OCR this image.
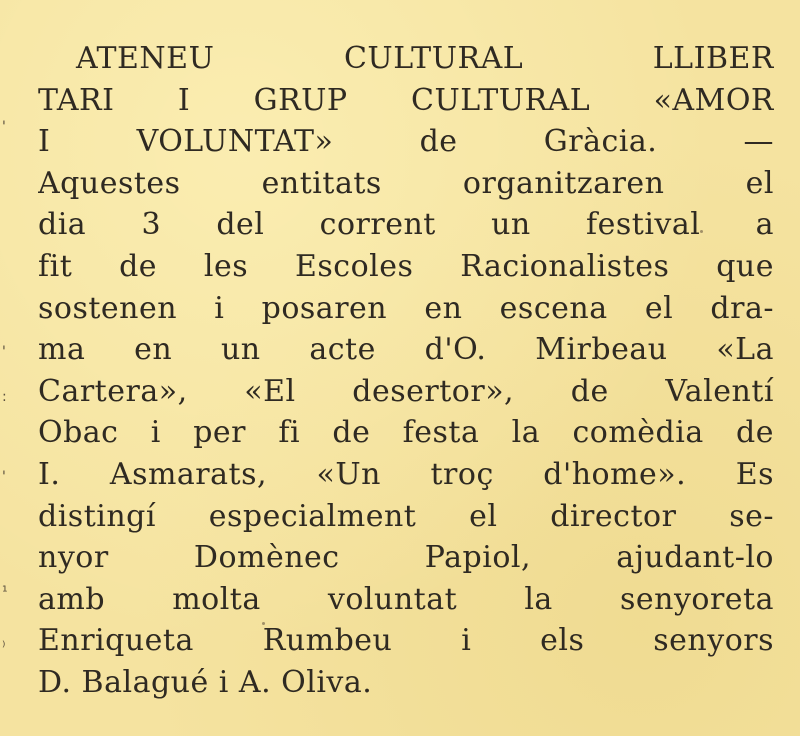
'
'
:
'
¹
⁾
ATENEU CULTURAL LLIBER
TARI I GRUP CULTURAL «AMOR
I VOLUNTAT» de Gràcia. —
Aquestes entitats organitzaren el
dia 3 del corrent un festival a
fit de les Escoles Racionalistes que
sostenen i posaren en escena el dra-
ma en un acte d'O. Mirbeau «La
Cartera», «El desertor», de Valentí
Obac i per fi de festa la comèdia de
I. Asmarats, «Un troç d'home». Es
distingí especialment el director se-
nyor Domènec Papiol, ajudant-lo
amb molta voluntat la senyoreta
Enriqueta Rumbeu i els senyors
D. Balagué i A. Oliva.
